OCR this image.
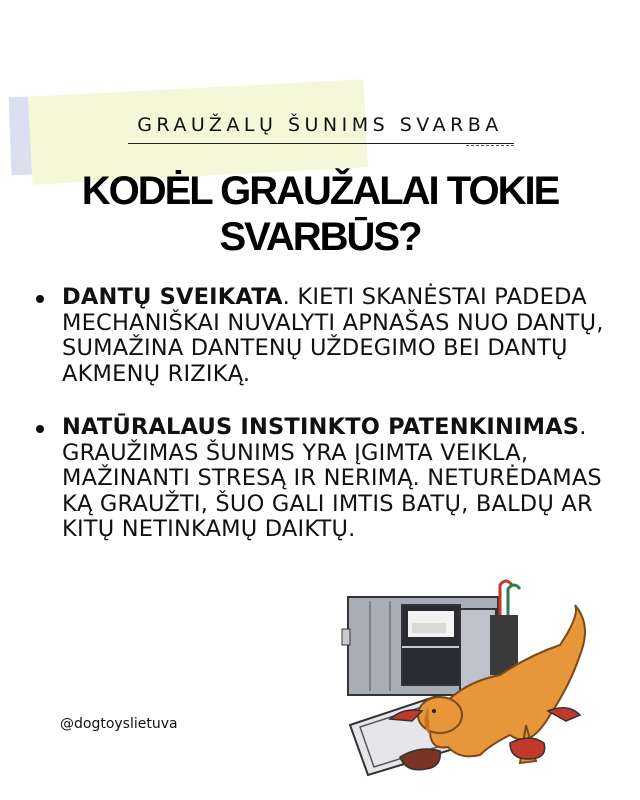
GRAUŽALŲ ŠUNIMS SVARBA
KODĖL GRAUŽALAI TOKIE
SVARBŪS?
DANTŲ SVEIKATA. KIETI SKANĖSTAI PADEDA MECHANIŠKAI NUVALYTI APNAŠAS NUO DANTŲ, SUMAŽINA DANTENŲ UŽDEGIMO BEI DANTŲ AKMENŲ RIZIKĄ.
NATŪRALAUS INSTINKTO PATENKINIMAS. GRAUŽIMAS ŠUNIMS YRA ĮGIMTA VEIKLA, MAŽINANTI STRESĄ IR NERIMĄ. NETURĖDAMAS KĄ GRAUŽTI, ŠUO GALI IMTIS BATŲ, BALDŲ AR KITŲ NETINKAMŲ DAIKTŲ.
@dogtoyslietuva
